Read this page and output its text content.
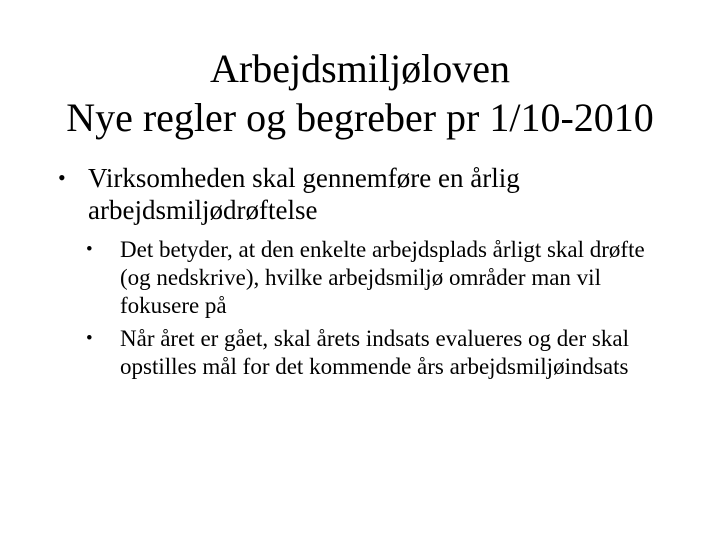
Arbejdsmiljøloven
Nye regler og begreber pr 1/10-2010
• Virksomheden skal gennemføre en årlig arbejdsmiljødrøftelse
• Det betyder, at den enkelte arbejdsplads årligt skal drøfte (og nedskrive), hvilke arbejdsmiljø områder man vil fokusere på
• Når året er gået, skal årets indsats evalueres og der skal opstilles mål for det kommende års arbejdsmiljøindsats
